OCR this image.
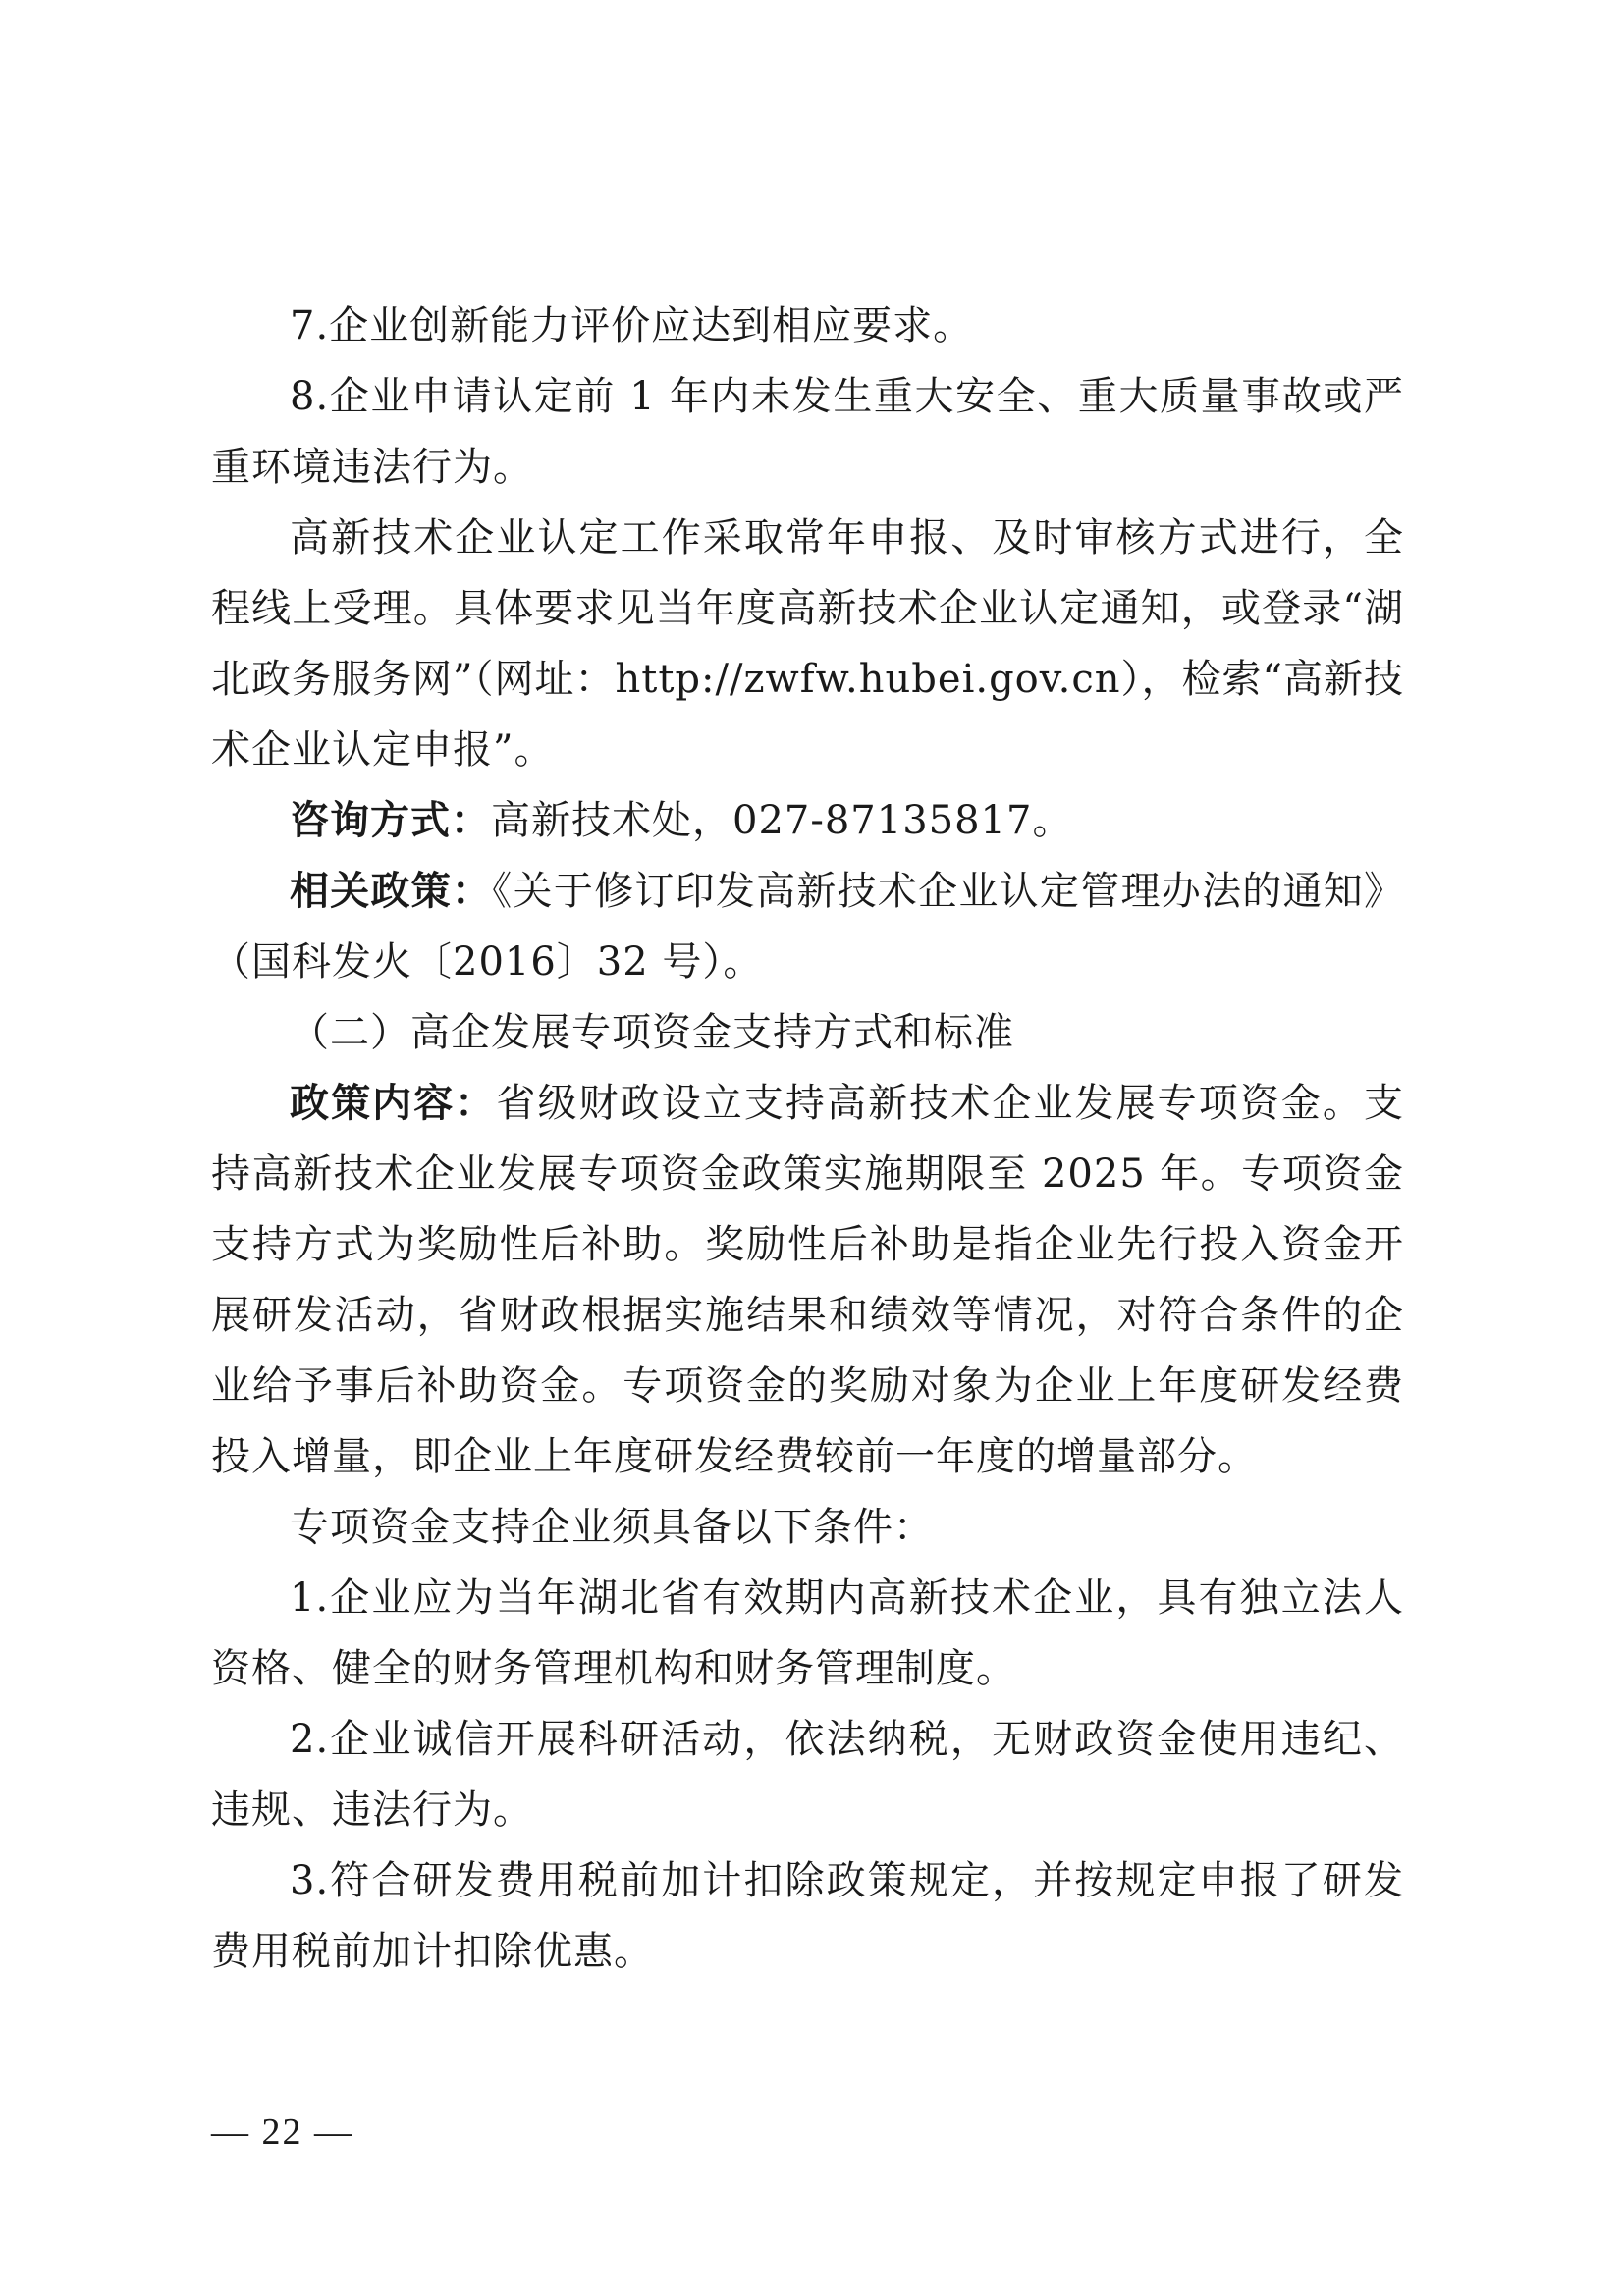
7.企业创新能力评价应达到相应要求。

8.企业申请认定前 1 年内未发生重大安全、重大质量事故或严重环境违法行为。

高新技术企业认定工作采取常年申报、及时审核方式进行，全程线上受理。具体要求见当年度高新技术企业认定通知，或登录“湖北政务服务网”（网址：http://zwfw.hubei.gov.cn），检索“高新技术企业认定申报”。

咨询方式：高新技术处，027-87135817。

相关政策：《关于修订印发高新技术企业认定管理办法的通知》（国科发火〔2016〕32 号）。

（二）高企发展专项资金支持方式和标准

政策内容：省级财政设立支持高新技术企业发展专项资金。支持高新技术企业发展专项资金政策实施期限至 2025 年。专项资金支持方式为奖励性后补助。奖励性后补助是指企业先行投入资金开展研发活动，省财政根据实施结果和绩效等情况，对符合条件的企业给予事后补助资金。专项资金的奖励对象为企业上年度研发经费投入增量，即企业上年度研发经费较前一年度的增量部分。

专项资金支持企业须具备以下条件：

1.企业应为当年湖北省有效期内高新技术企业，具有独立法人资格、健全的财务管理机构和财务管理制度。

2.企业诚信开展科研活动，依法纳税，无财政资金使用违纪、违规、违法行为。

3.符合研发费用税前加计扣除政策规定，并按规定申报了研发费用税前加计扣除优惠。

— 22 —
